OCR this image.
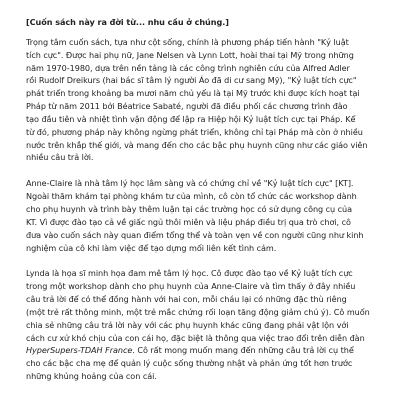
[Cuốn sách này ra đời từ... nhu cầu ở chúng.]
Trọng tâm cuốn sách, tựa như cột sống, chính là phương pháp tiến hành "Kỷ luật
tích cực". Được hai phụ nữ, Jane Nelsen và Lynn Lott, hoài thai tại Mỹ trong những
năm 1970-1980, dựa trên nền tảng là các công trình nghiên cứu của Alfred Adler
rồi Rudolf Dreikurs (hai bác sĩ tâm lý người Áo đã di cư sang Mỹ), "Kỷ luật tích cực"
phát triển trong khoảng ba mươi năm chủ yếu là tại Mỹ trước khi được kích hoạt tại
Pháp từ năm 2011 bởi Béatrice Sabaté, người đã điều phối các chương trình đào
tạo đầu tiên và nhiệt tình vận động để lập ra Hiệp hội Kỷ luật tích cực tại Pháp. Kể
từ đó, phương pháp này không ngừng phát triển, không chỉ tại Pháp mà còn ở nhiều
nước trên khắp thế giới, và mang đến cho các bậc phụ huynh cũng như các giáo viên
nhiều câu trả lời.
Anne-Claire là nhà tâm lý học lâm sàng và có chứng chỉ về "Kỷ luật tích cực" [KT].
Ngoài thăm khám tại phòng khám tư của mình, cô còn tổ chức các workshop dành
cho phụ huynh và trình bày thêm luận tại các trường học có sử dụng công cụ của
KT. Vì được đào tạo cả về giấc ngủ thôi miên và liệu pháp điều trị qua trò chơi, cô
đưa vào cuốn sách này quan điểm tổng thể và toàn vẹn về con người cũng như kinh
nghiệm của cô khi làm việc để tạo dựng mối liên kết tình cảm.
Lynda là họa sĩ minh họa đam mê tâm lý học. Cô được đào tạo về Kỷ luật tích cực
trong một workshop dành cho phụ huynh của Anne-Claire và tìm thấy ở đây nhiều
câu trả lời để có thể đồng hành với hai con, mỗi cháu lại có những đặc thù riêng
(một trẻ rất thông minh, một trẻ mắc chứng rối loạn tăng động giảm chú ý). Cô muốn
chia sẻ những câu trả lời này với các phụ huynh khác cũng đang phải vật lộn với
cách cư xử khó chịu của con cái họ, đặc biệt là thông qua việc trao đổi trên diễn đàn
HyperSupers-TDAH France. Cô rất mong muốn mang đến những câu trả lời cụ thể
cho các bậc cha mẹ để quản lý cuộc sống thường nhật và phản ứng tốt hơn trước
những khủng hoảng của con cái.
